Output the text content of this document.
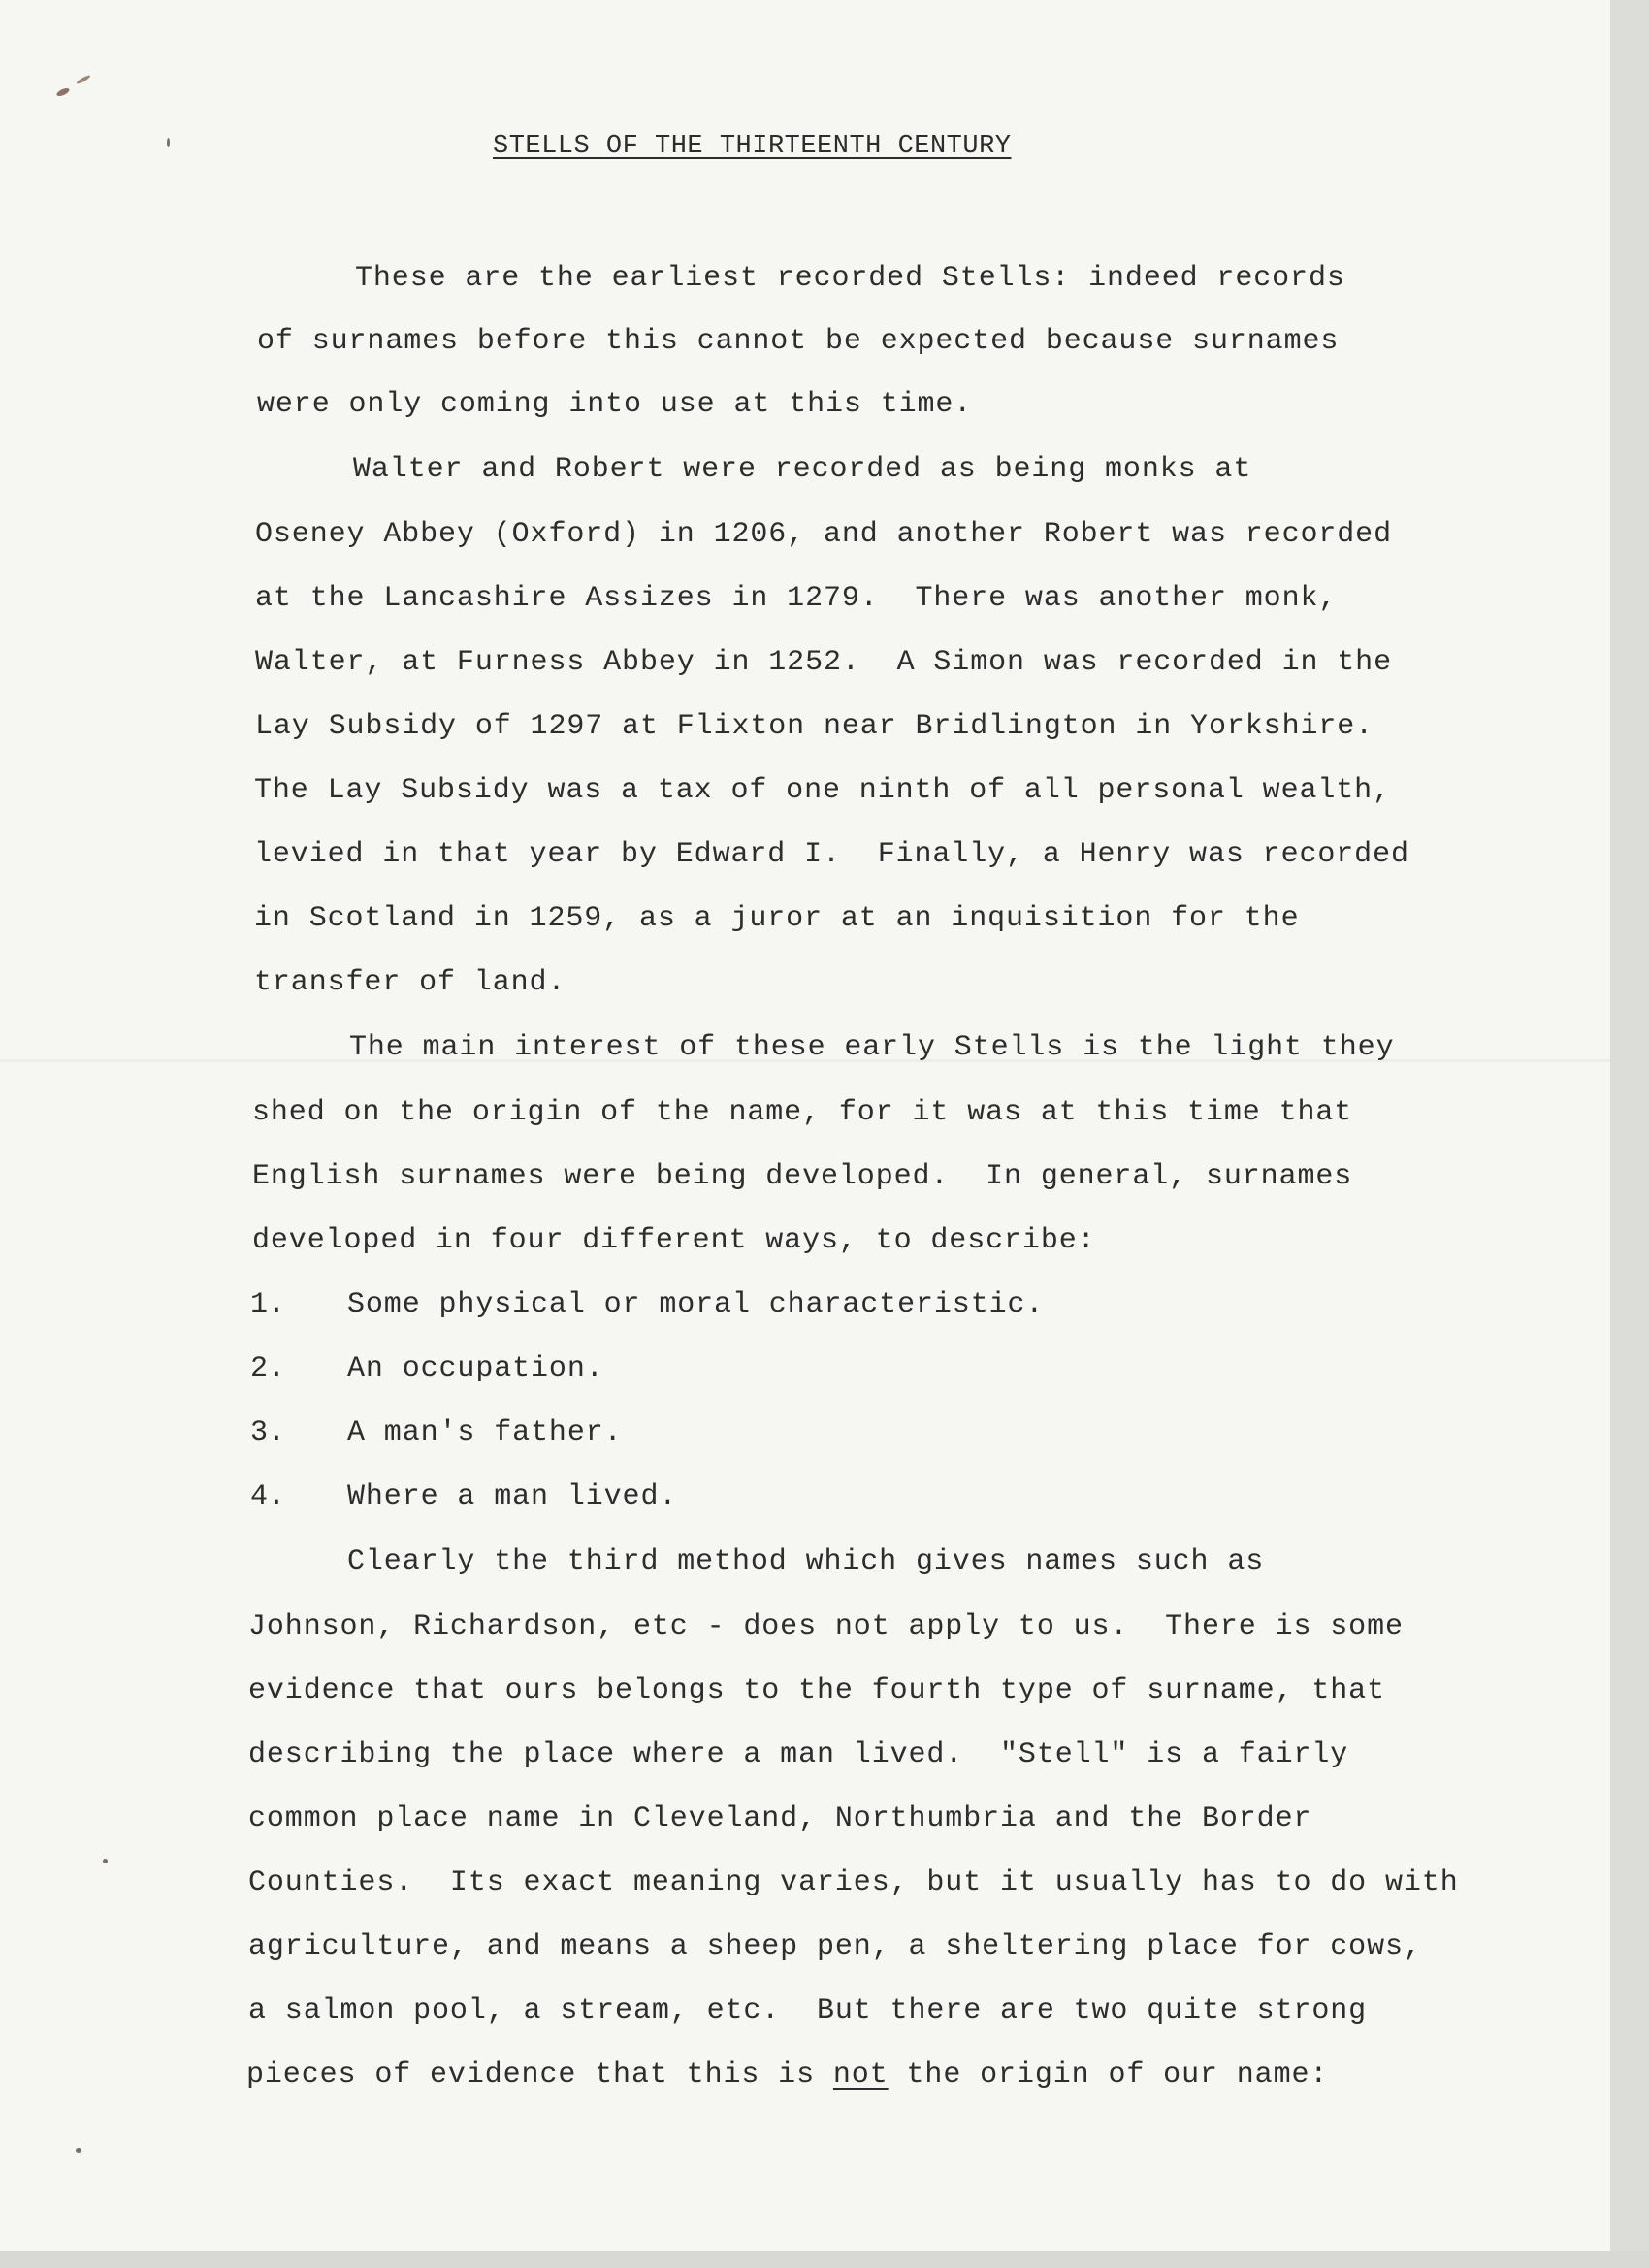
STELLS OF THE THIRTEENTH CENTURY
These are the earliest recorded Stells: indeed records
of surnames before this cannot be expected because surnames
were only coming into use at this time.
Walter and Robert were recorded as being monks at
Oseney Abbey (Oxford) in 1206, and another Robert was recorded
at the Lancashire Assizes in 1279.  There was another monk,
Walter, at Furness Abbey in 1252.  A Simon was recorded in the
Lay Subsidy of 1297 at Flixton near Bridlington in Yorkshire.
The Lay Subsidy was a tax of one ninth of all personal wealth,
levied in that year by Edward I.  Finally, a Henry was recorded
in Scotland in 1259, as a juror at an inquisition for the
transfer of land.
The main interest of these early Stells is the light they
shed on the origin of the name, for it was at this time that
English surnames were being developed.  In general, surnames
developed in four different ways, to describe:
1. Some physical or moral characteristic.
2. An occupation.
3. A man's father.
4. Where a man lived.
Clearly the third method which gives names such as
Johnson, Richardson, etc - does not apply to us.  There is some
evidence that ours belongs to the fourth type of surname, that
describing the place where a man lived.  "Stell" is a fairly
common place name in Cleveland, Northumbria and the Border
Counties.  Its exact meaning varies, but it usually has to do with
agriculture, and means a sheep pen, a sheltering place for cows,
a salmon pool, a stream, etc.  But there are two quite strong
pieces of evidence that this is not the origin of our name:
